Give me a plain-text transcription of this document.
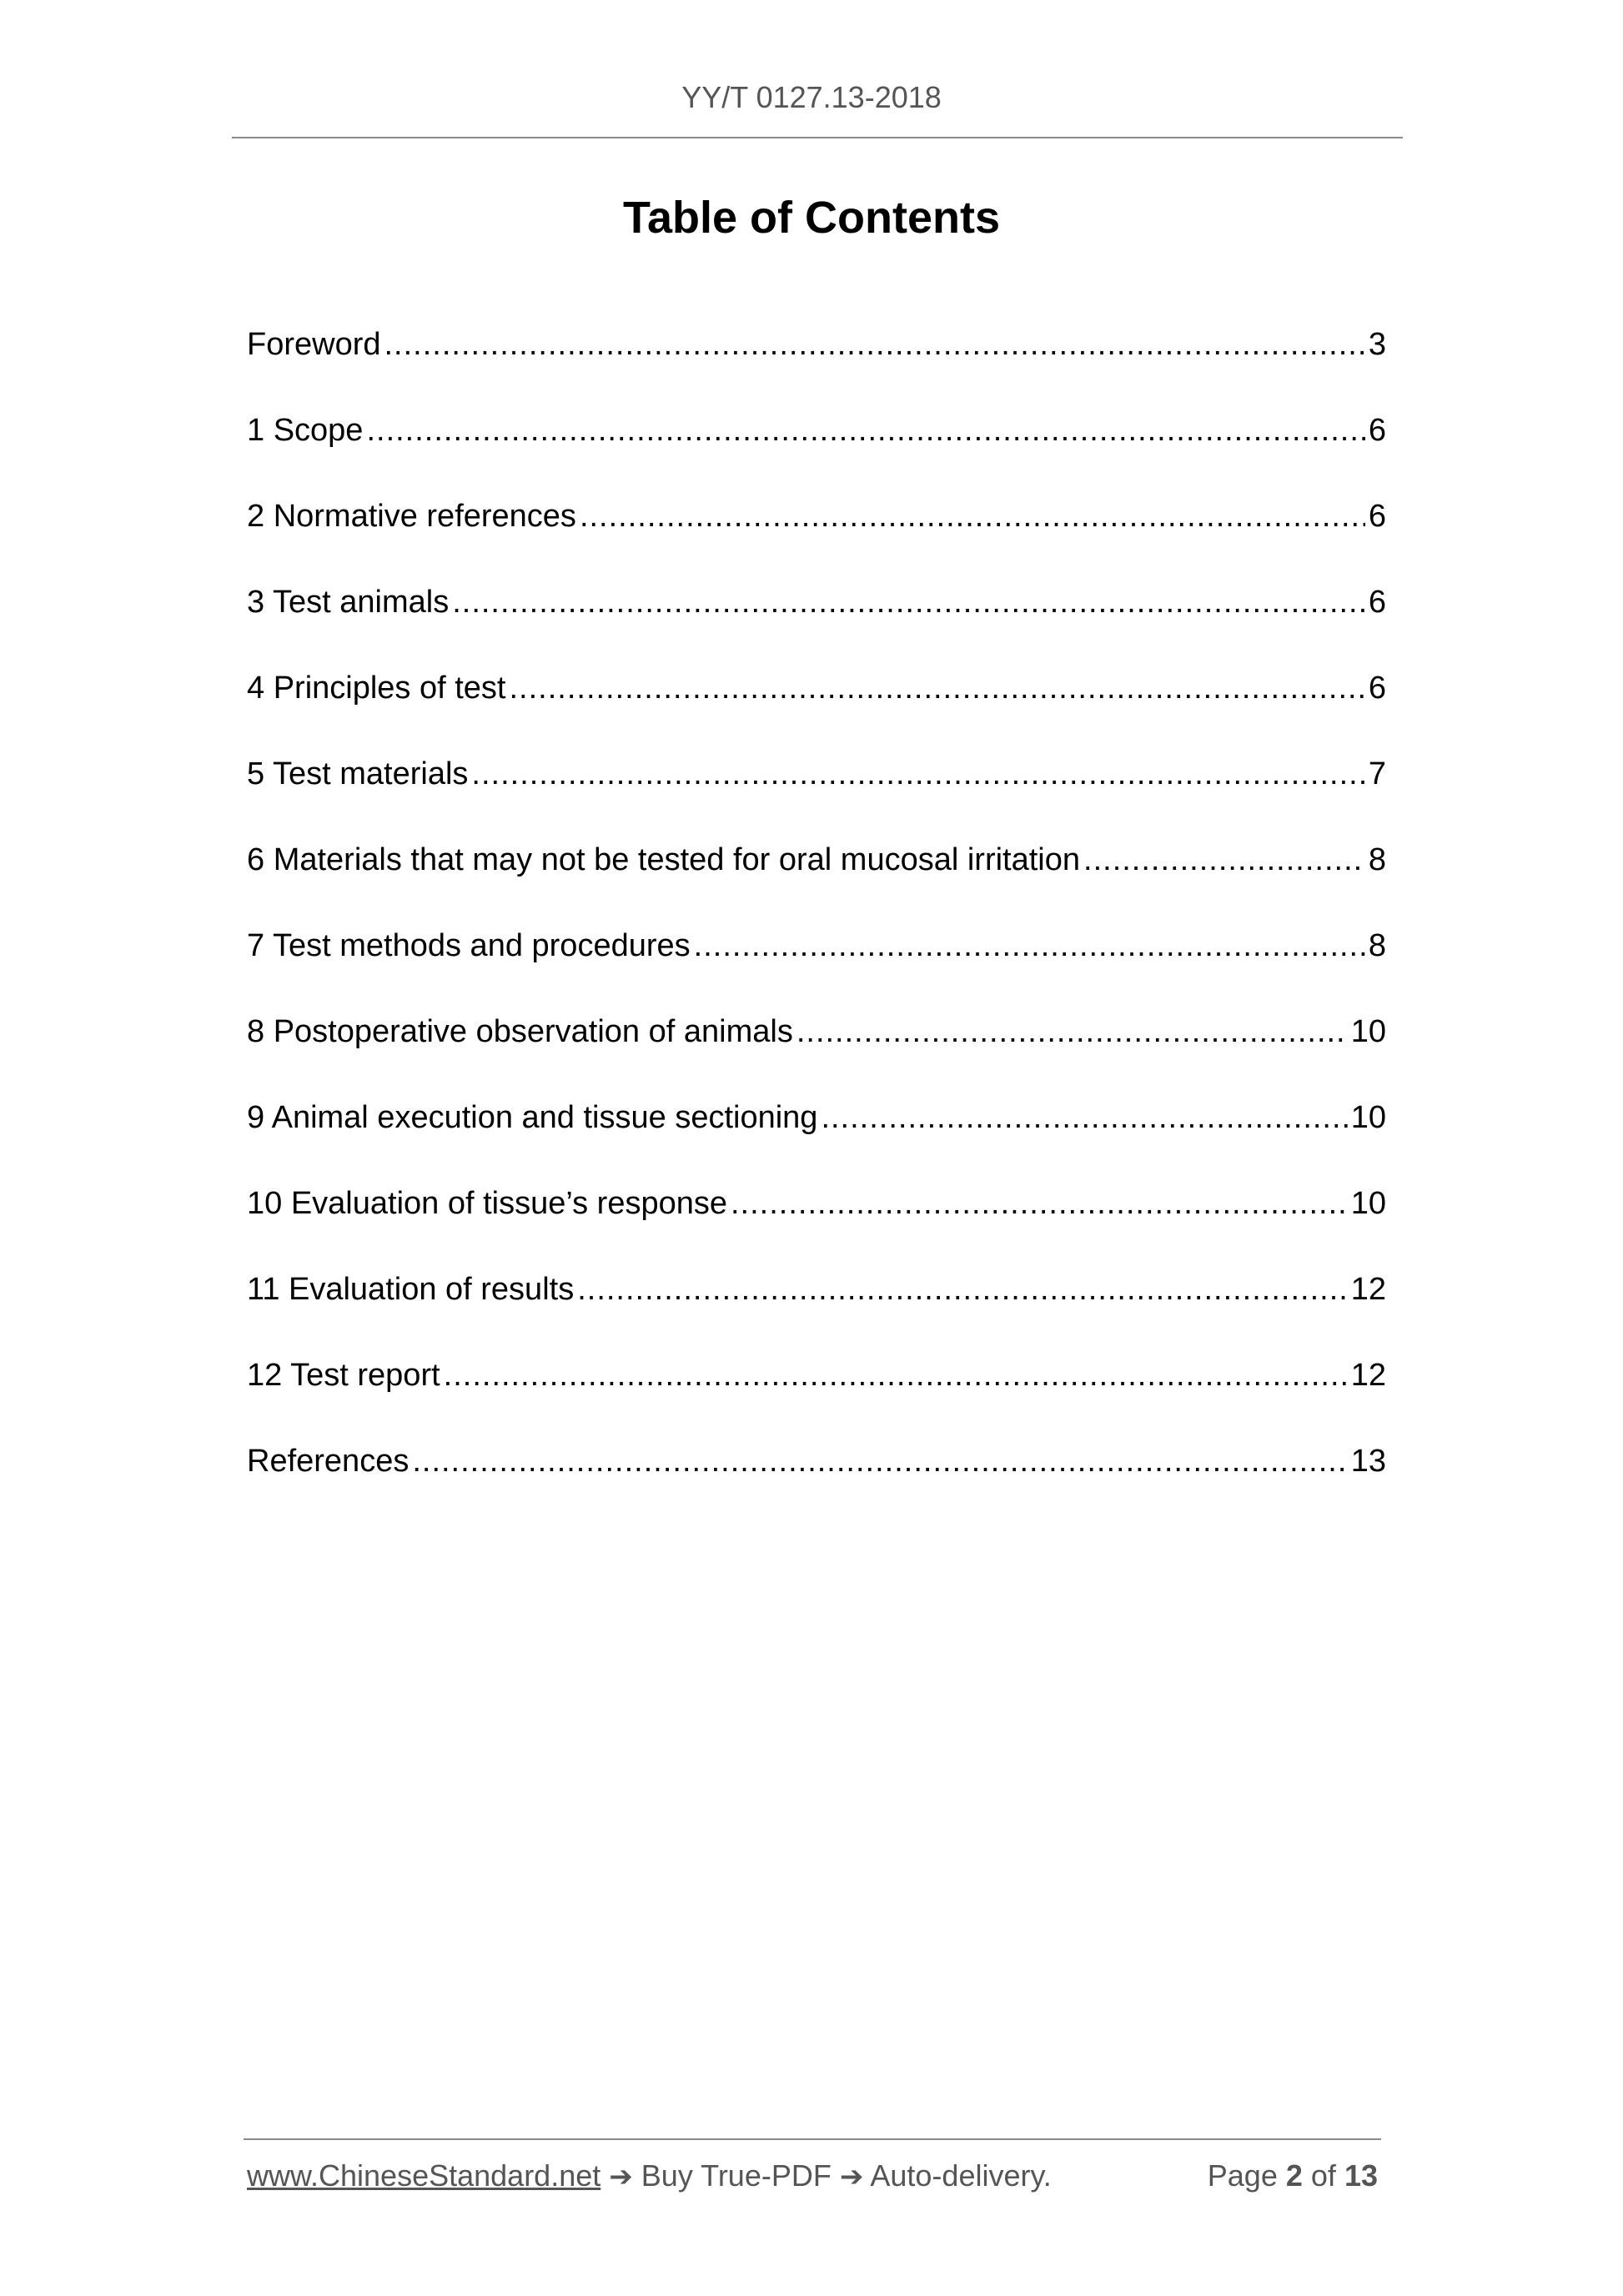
YY/T 0127.13-2018
Table of Contents
Foreword .....	3
1 Scope .....	6
2 Normative references .....	6
3 Test animals .....	6
4 Principles of test .....	6
5 Test materials .....	7
6 Materials that may not be tested for oral mucosal irritation .....	8
7 Test methods and procedures .....	8
8 Postoperative observation of animals .....	10
9 Animal execution and tissue sectioning .....	10
10 Evaluation of tissue’s response .....	10
11 Evaluation of results .....	12
12 Test report .....	12
References .....	13
www.ChineseStandard.net ➔ Buy True-PDF ➔ Auto-delivery.	Page 2 of 13
